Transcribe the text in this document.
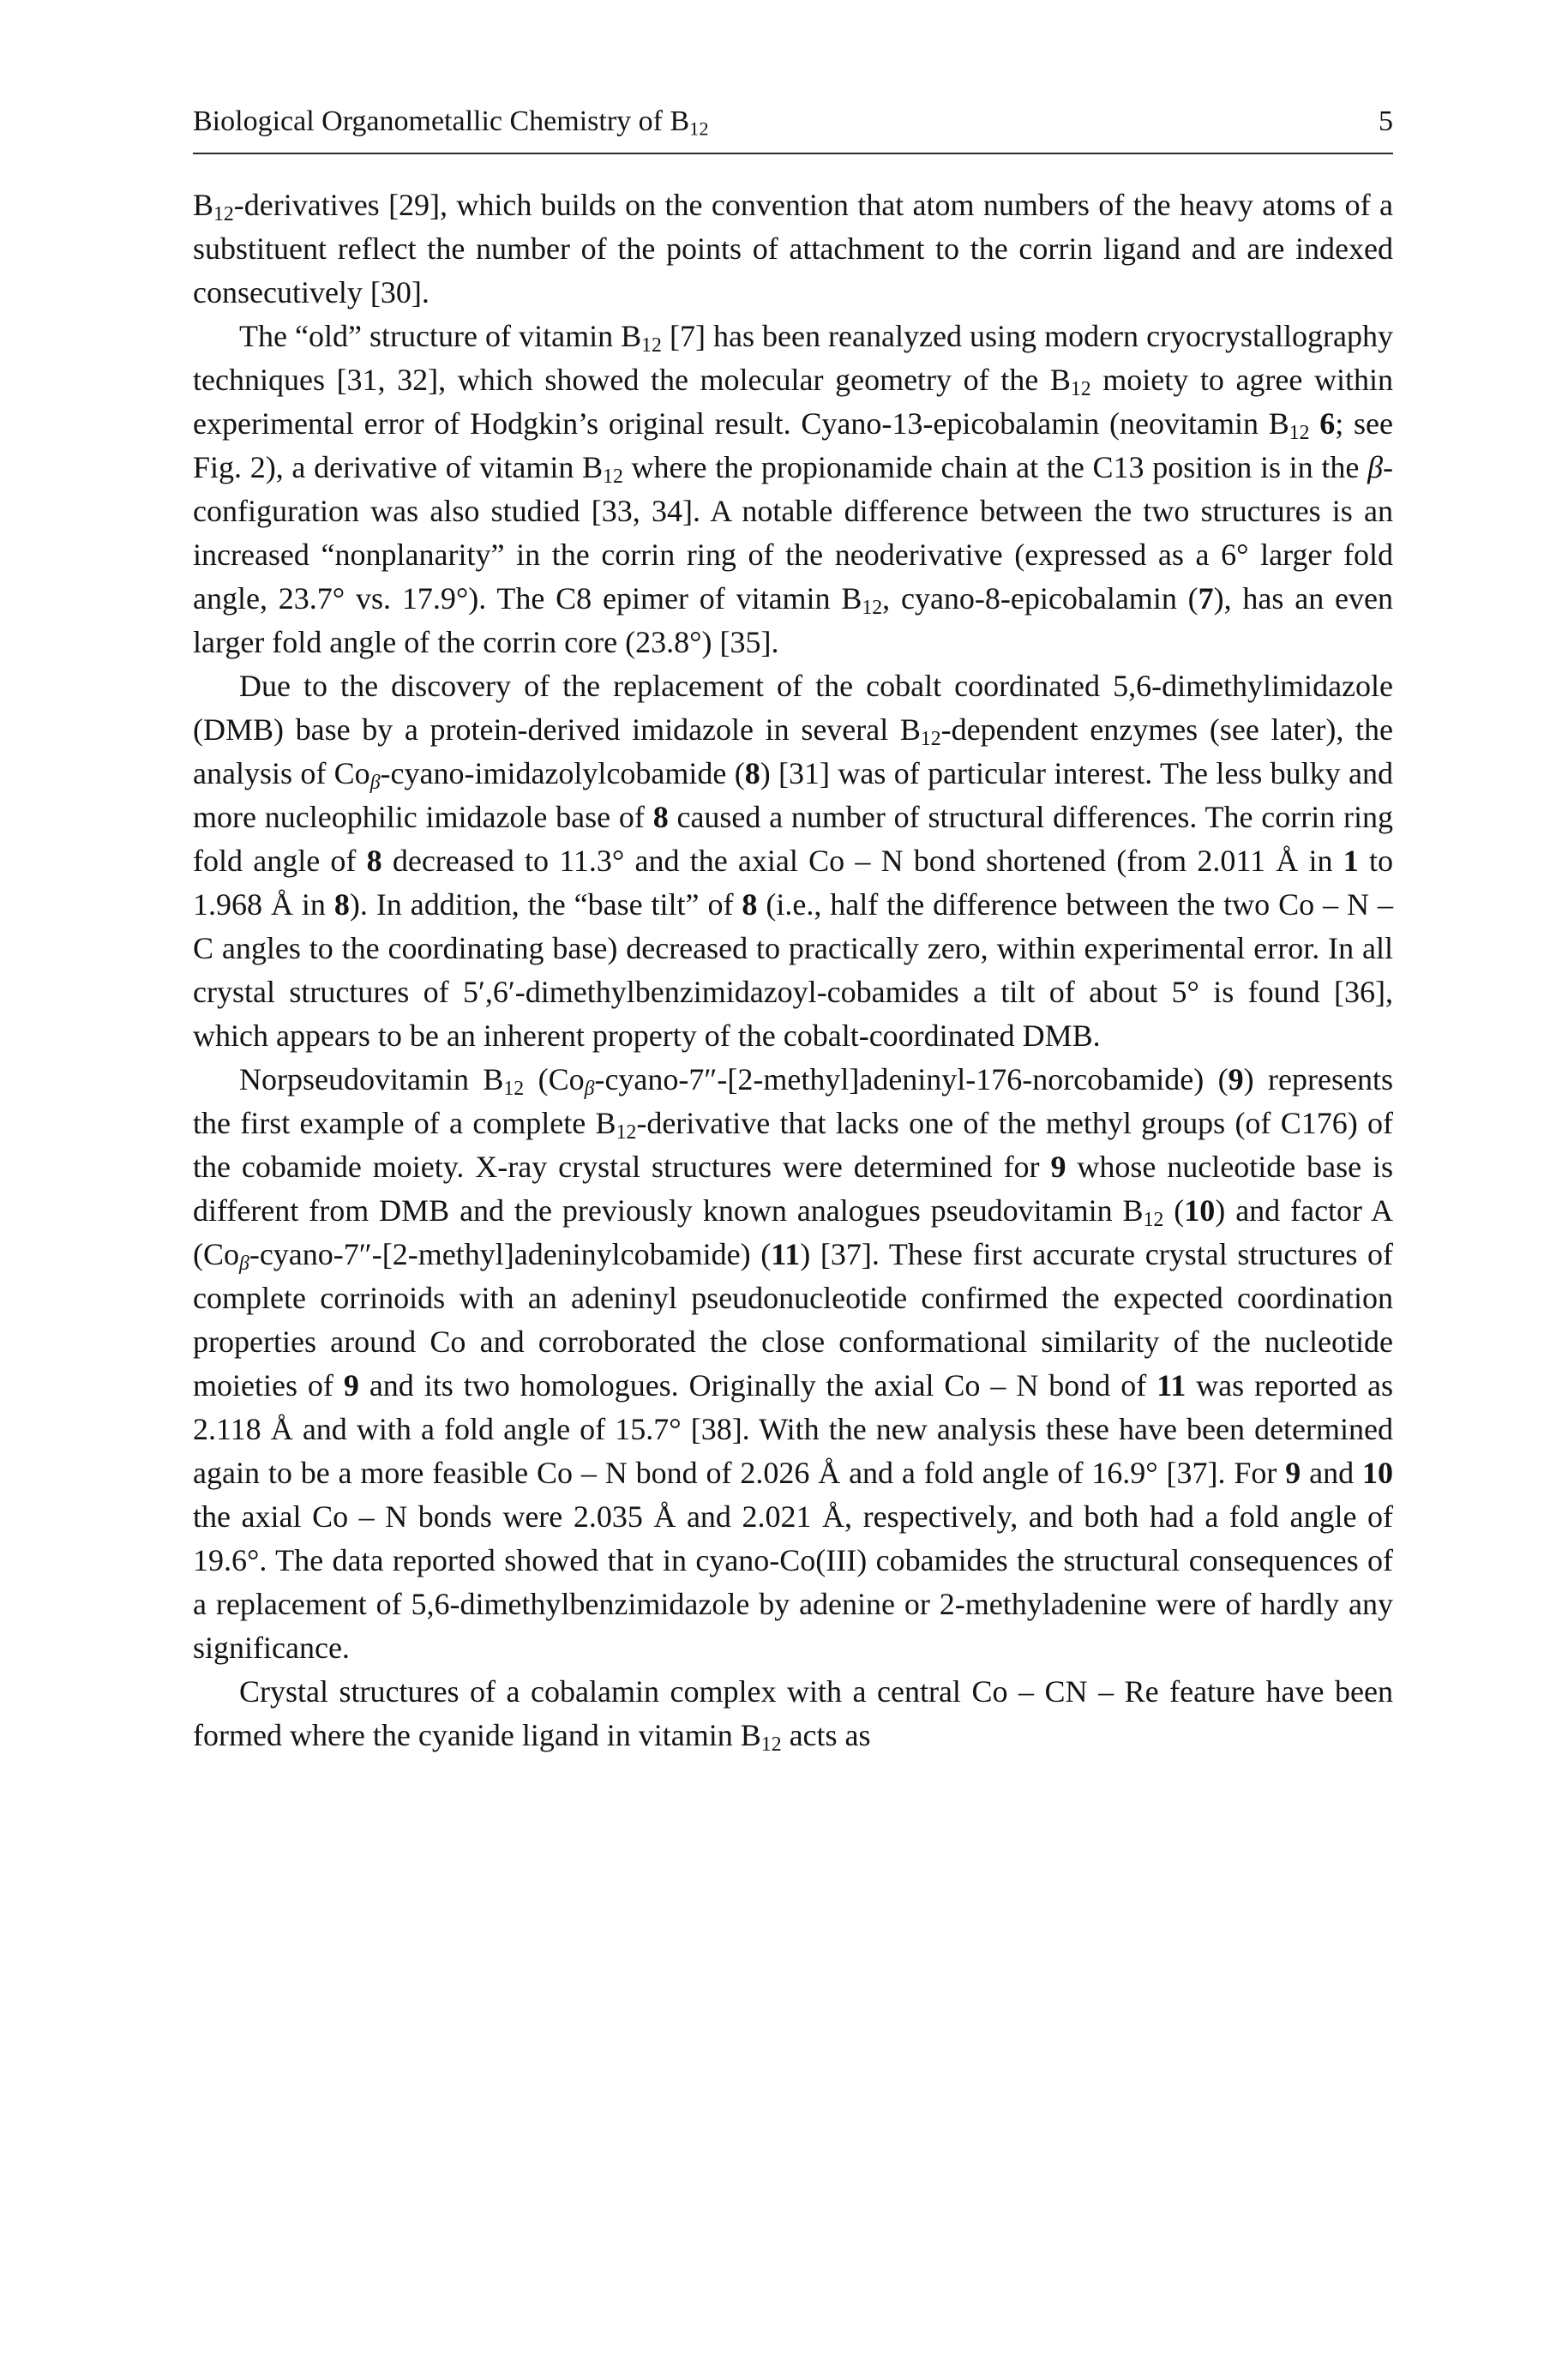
Biological Organometallic Chemistry of $B_{12}$	5

$B_{12}$-derivatives [29], which builds on the convention that atom numbers of the heavy atoms of a substituent reflect the number of the points of attachment to the corrin ligand and are indexed consecutively [30].

The “old” structure of vitamin $B_{12}$ [7] has been reanalyzed using modern cryocrystallography techniques [31, 32], which showed the molecular geometry of the $B_{12}$ moiety to agree within experimental error of Hodgkin’s original result. Cyano-13-epicobalamin (neovitamin $B_{12}$ 6; see Fig. 2), a derivative of vitamin $B_{12}$ where the propionamide chain at the C13 position is in the β-configuration was also studied [33, 34]. A notable difference between the two structures is an increased “nonplanarity” in the corrin ring of the neoderivative (expressed as a 6° larger fold angle, 23.7° vs. 17.9°). The C8 epimer of vitamin $B_{12}$, cyano-8-epicobalamin (7), has an even larger fold angle of the corrin core (23.8°) [35].

Due to the discovery of the replacement of the cobalt coordinated 5,6-dimethylimidazole (DMB) base by a protein-derived imidazole in several $B_{12}$-dependent enzymes (see later), the analysis of $Co_\beta-cyano$-imidazolylcobamide (8) [31] was of particular interest. The less bulky and more nucleophilic imidazole base of 8 caused a number of structural differences. The corrin ring fold angle of 8 decreased to 11.3° and the axial Co – N bond shortened (from 2.011 Å in 1 to 1.968 Å in 8). In addition, the “base tilt” of 8 (i.e., half the difference between the two Co – N – C angles to the coordinating base) decreased to practically zero, within experimental error. In all crystal structures of 5′,6′-dimethylbenzimidazoyl-cobamides a tilt of about 5° is found [36], which appears to be an inherent property of the cobalt-coordinated DMB.

Norpseudovitamin $B_{12}$ $(Co_\beta-cyano-7''-[2-methyl]adeninyl-176-norcobamide)$ (9) represents the first example of a complete $B_{12}$-derivative that lacks one of the methyl groups (of C176) of the cobamide moiety. X-ray crystal structures were determined for 9 whose nucleotide base is different from DMB and the previously known analogues pseudovitamin $B_{12}$ (10) and factor A $(Co_\beta-cyano-7''-[2-methyl]adeninylcobamide)$ (11) [37]. These first accurate crystal structures of complete corrinoids with an adeninyl pseudonucleotide confirmed the expected coordination properties around Co and corroborated the close conformational similarity of the nucleotide moieties of 9 and its two homologues. Originally the axial Co – N bond of 11 was reported as 2.118 Å and with a fold angle of 15.7° [38]. With the new analysis these have been determined again to be a more feasible Co – N bond of 2.026 Å and a fold angle of 16.9° [37]. For 9 and 10 the axial Co – N bonds were 2.035 Å and 2.021 Å, respectively, and both had a fold angle of 19.6°. The data reported showed that in cyano-Co(III) cobamides the structural consequences of a replacement of 5,6-dimethylbenzimidazole by adenine or 2-methyladenine were of hardly any significance.

Crystal structures of a cobalamin complex with a central Co – CN – Re feature have been formed where the cyanide ligand in vitamin $B_{12}$ acts as
